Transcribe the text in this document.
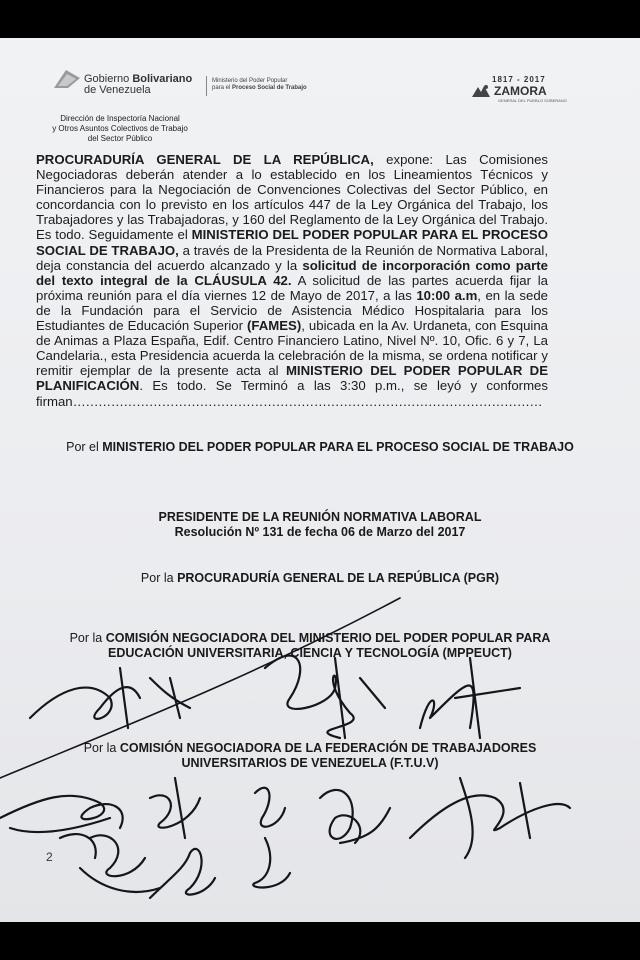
Gobierno Bolivariano
de Venezuela
Ministerio del Poder Popular
para el Proceso Social de Trabajo
1817 - 2017
ZAMORA
GENERAL DEL PUEBLO SOBERANO
Dirección de Inspectoría Nacional
y Otros Asuntos Colectivos de Trabajo
del Sector Público
PROCURADURÍA GENERAL DE LA REPÚBLICA, expone: Las Comisiones Negociadoras deberán atender a lo establecido en los Lineamientos Técnicos y Financieros para la Negociación de Convenciones Colectivas del Sector Público, en concordancia con lo previsto en los artículos 447 de la Ley Orgánica del Trabajo, los Trabajadores y las Trabajadoras, y 160 del Reglamento de la Ley Orgánica del Trabajo. Es todo. Seguidamente el MINISTERIO DEL PODER POPULAR PARA EL PROCESO SOCIAL DE TRABAJO, a través de la Presidenta de la Reunión de Normativa Laboral, deja constancia del acuerdo alcanzado y la solicitud de incorporación como parte del texto integral de la CLÁUSULA 42. A solicitud de las partes acuerda fijar la próxima reunión para el día viernes 12 de Mayo de 2017, a las 10:00 a.m, en la sede de la Fundación para el Servicio de Asistencia Médico Hospitalaria para los Estudiantes de Educación Superior (FAMES), ubicada en la Av. Urdaneta, con Esquina de Animas a Plaza España, Edif. Centro Financiero Latino, Nivel Nº. 10, Ofic. 6 y 7, La Candelaria., esta Presidencia acuerda la celebración de la misma, se ordena notificar y remitir ejemplar de la presente acta al MINISTERIO DEL PODER POPULAR DE PLANIFICACIÓN. Es todo. Se Terminó a las 3:30 p.m., se leyó y conformes firman…………………………………………………………………………………………………
Por el MINISTERIO DEL PODER POPULAR PARA EL PROCESO SOCIAL DE TRABAJO
PRESIDENTE DE LA REUNIÓN NORMATIVA LABORAL
Resolución Nº 131 de fecha 06 de Marzo del 2017
Por la PROCURADURÍA GENERAL DE LA REPÚBLICA (PGR)
Por la COMISIÓN NEGOCIADORA DEL MINISTERIO DEL PODER POPULAR PARA EDUCACIÓN UNIVERSITARIA, CIENCIA Y TECNOLOGÍA (MPPEUCT)
Por la COMISIÓN NEGOCIADORA DE LA FEDERACIÓN DE TRABAJADORES UNIVERSITARIOS DE VENEZUELA (F.T.U.V)
2
